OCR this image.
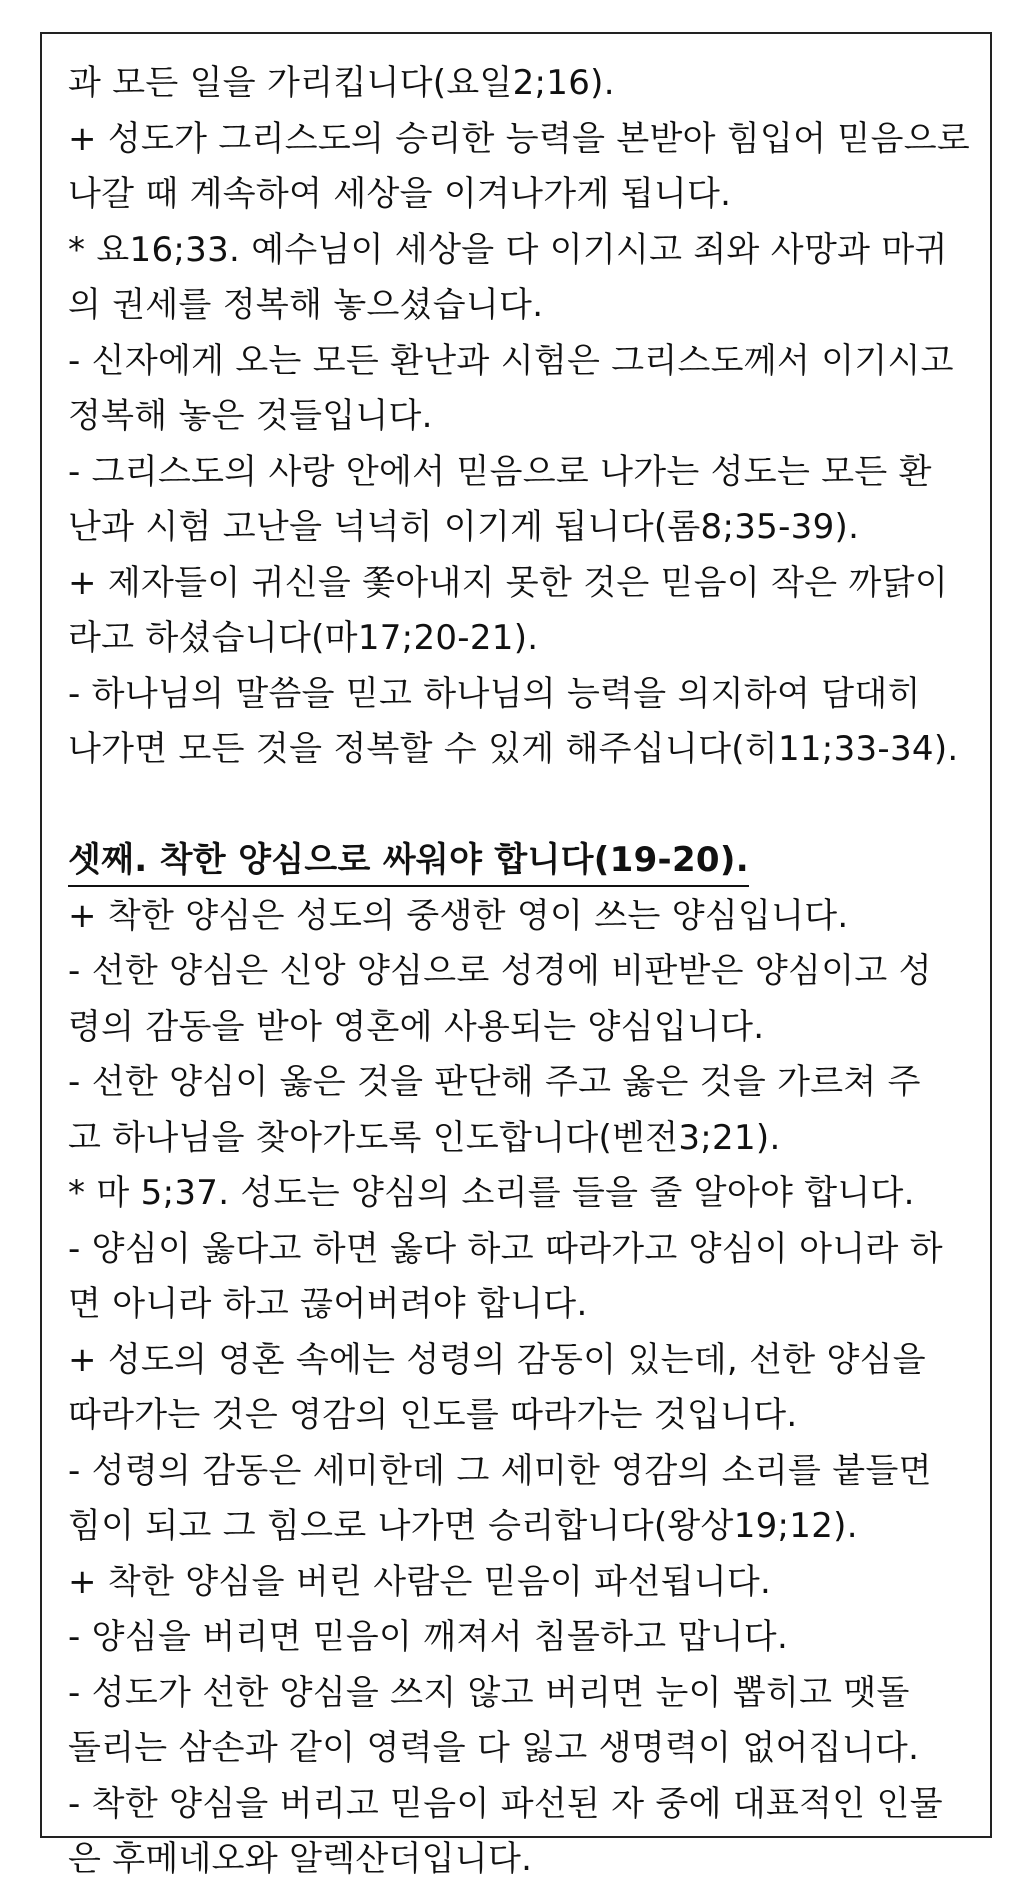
과 모든 일을 가리킵니다(요일2;16).
+ 성도가 그리스도의 승리한 능력을 본받아 힘입어 믿음으로
나갈 때 계속하여 세상을 이겨나가게 됩니다.
* 요16;33. 예수님이 세상을 다 이기시고 죄와 사망과 마귀
의 권세를 정복해 놓으셨습니다.
- 신자에게 오는 모든 환난과 시험은 그리스도께서 이기시고
정복해 놓은 것들입니다.
- 그리스도의 사랑 안에서 믿음으로 나가는 성도는 모든 환
난과 시험 고난을 넉넉히 이기게 됩니다(롬8;35-39).
+ 제자들이 귀신을 쫓아내지 못한 것은 믿음이 작은 까닭이
라고 하셨습니다(마17;20-21).
- 하나님의 말씀을 믿고 하나님의 능력을 의지하여 담대히
나가면 모든 것을 정복할 수 있게 해주십니다(히11;33-34).
셋째. 착한 양심으로 싸워야 합니다(19-20).
+ 착한 양심은 성도의 중생한 영이 쓰는 양심입니다.
- 선한 양심은 신앙 양심으로 성경에 비판받은 양심이고 성
령의 감동을 받아 영혼에 사용되는 양심입니다.
- 선한 양심이 옳은 것을 판단해 주고 옳은 것을 가르쳐 주
고 하나님을 찾아가도록 인도합니다(벧전3;21).
* 마 5;37. 성도는 양심의 소리를 들을 줄 알아야 합니다.
- 양심이 옳다고 하면 옳다 하고 따라가고 양심이 아니라 하
면 아니라 하고 끊어버려야 합니다.
+ 성도의 영혼 속에는 성령의 감동이 있는데, 선한 양심을
따라가는 것은 영감의 인도를 따라가는 것입니다.
- 성령의 감동은 세미한데 그 세미한 영감의 소리를 붙들면
힘이 되고 그 힘으로 나가면 승리합니다(왕상19;12).
+ 착한 양심을 버린 사람은 믿음이 파선됩니다.
- 양심을 버리면 믿음이 깨져서 침몰하고 맙니다.
- 성도가 선한 양심을 쓰지 않고 버리면 눈이 뽑히고 맷돌
돌리는 삼손과 같이 영력을 다 잃고 생명력이 없어집니다.
- 착한 양심을 버리고 믿음이 파선된 자 중에 대표적인 인물
은 후메네오와 알렉산더입니다.
